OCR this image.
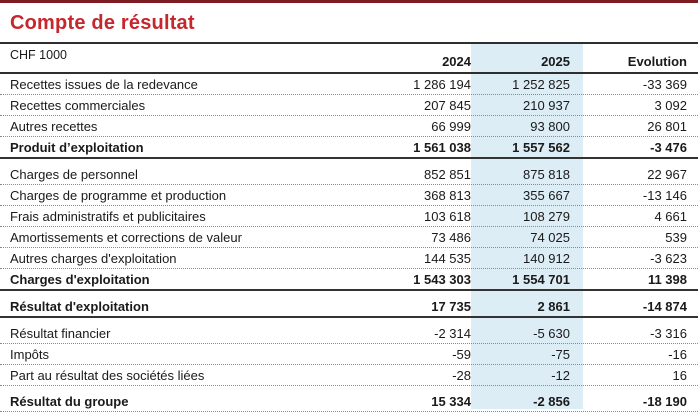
Compte de résultat
CHF 1000	2024	2025	Evolution
Recettes issues de la redevance	1 286 194	1 252 825	-33 369
Recettes commerciales	207 845	210 937	3 092
Autres recettes	66 999	93 800	26 801
Produit d’exploitation	1 561 038	1 557 562	-3 476
Charges de personnel	852 851	875 818	22 967
Charges de programme et production	368 813	355 667	-13 146
Frais administratifs et publicitaires	103 618	108 279	4 661
Amortissements et corrections de valeur	73 486	74 025	539
Autres charges d'exploitation	144 535	140 912	-3 623
Charges d'exploitation	1 543 303	1 554 701	11 398
Résultat d'exploitation	17 735	2 861	-14 874
Résultat financier	-2 314	-5 630	-3 316
Impôts	-59	-75	-16
Part au résultat des sociétés liées	-28	-12	16
Résultat du groupe	15 334	-2 856	-18 190
